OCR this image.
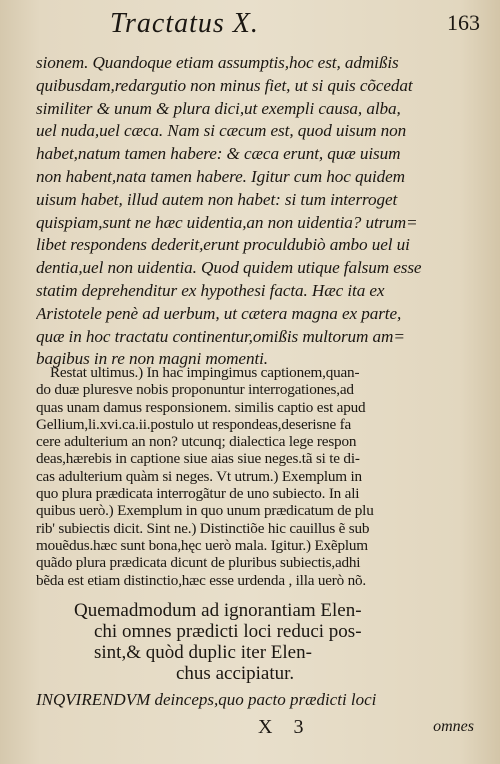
Tractatus X.	163
sionem. Quandoque etiam assumptis,hoc est, admißis
quibusdam,redargutio non minus fiet, ut si quis cõcedat
similiter & unum & plura dici,ut exempli causa, alba,
uel nuda,uel cæca. Nam si cæcum est, quod uisum non
habet,natum tamen habere: & cæca erunt, quæ uisum
non habent,nata tamen habere. Igitur cum hoc quidem
uisum habet, illud autem non habet: si tum interroget
quispiam,sunt ne hæc uidentia,an non uidentia? utrum=
libet respondens dederit,erunt proculdubiò ambo uel ui
dentia,uel non uidentia. Quod quidem utique falsum esse
statim deprehenditur ex hypothesi facta. Hæc ita ex
Aristotele penè ad uerbum, ut cætera magna ex parte,
quæ in hoc tractatu continentur,omißis multorum am=
bagibus in re non magni momenti.
Restat ultimus.) In hac impingimus captionem,quan-
do duæ pluresve nobis proponuntur interrogationes,ad
quas unam damus responsionem. similis captio est apud
Gellium,li.xvi.ca.ii.postulo ut respondeas,deserisne fa
cere adulterium an non? utcunq; dialectica lege respon
deas,hærebis in captione siue aias siue neges.tã si te di-
cas adulterium quàm si neges. Vt utrum.) Exemplum in
quo plura prædicata interrogãtur de uno subiecto. In ali
quibus uerò.) Exemplum in quo unum prædicatum de plu
rib' subiectis dicit. Sint ne.) Distinctiõe hic cauillus ẽ sub
mouẽdus.hæc sunt bona,hęc uerò mala. Igitur.) Exẽplum
quãdo plura prædicata dicunt de pluribus subiectis,adhi
bẽda est etiam distinctio,hæc esse urdenda , illa uerò nõ.
Quemadmodum ad ignorantiam Elen-
chi omnes prædicti loci reduci pos-
sint,& quòd duplic iter Elen-
chus accipiatur.
INQVIRENDVM deinceps,quo pacto prædicti loci
X 3	omnes
